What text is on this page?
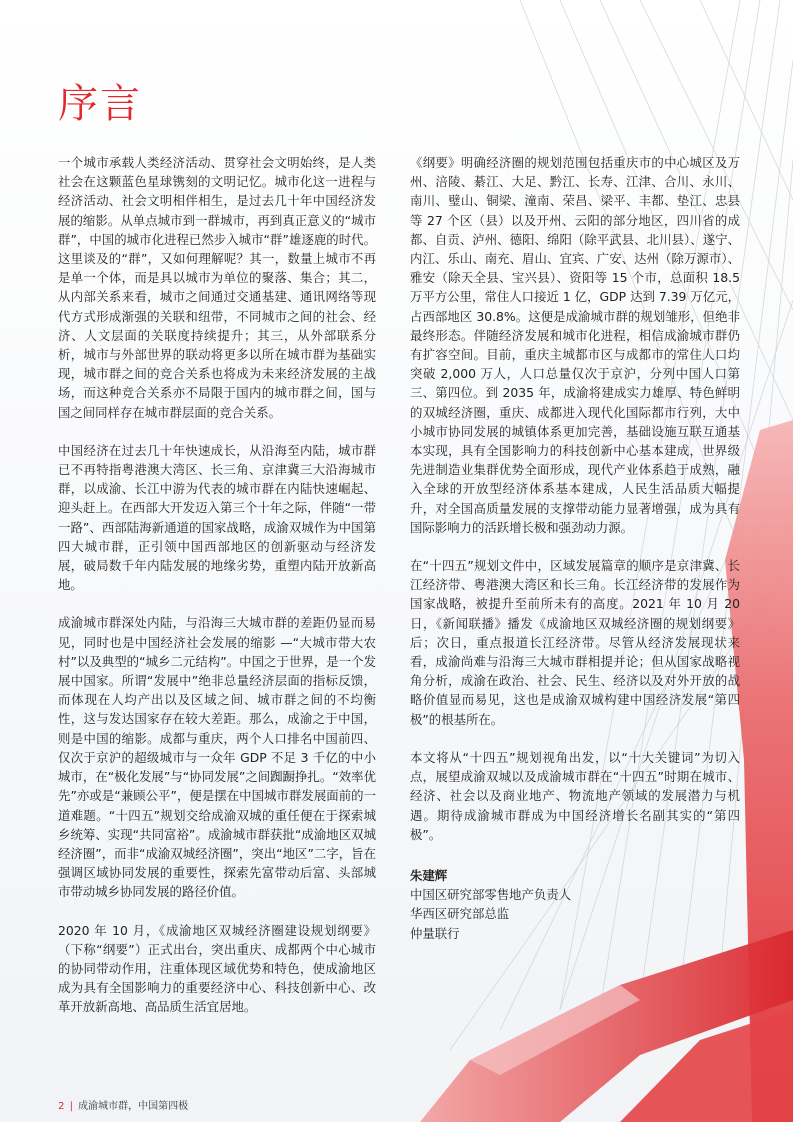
序言

一个城市承载人类经济活动、贯穿社会文明始终，是人类社会在这颗蓝色星球镌刻的文明记忆。城市化这一进程与经济活动、社会文明相伴相生，是过去几十年中国经济发展的缩影。从单点城市到一群城市，再到真正意义的“城市群”，中国的城市化进程已然步入城市“群”雄逐鹿的时代。这里谈及的“群”，又如何理解呢？其一，数量上城市不再是单一个体，而是具以城市为单位的聚落、集合；其二，从内部关系来看，城市之间通过交通基建、通讯网络等现代方式形成渐强的关联和纽带，不同城市之间的社会、经济、人文层面的关联度持续提升；其三，从外部联系分析，城市与外部世界的联动将更多以所在城市群为基础实现，城市群之间的竞合关系也将成为未来经济发展的主战场，而这种竞合关系亦不局限于国内的城市群之间，国与国之间同样存在城市群层面的竞合关系。

中国经济在过去几十年快速成长，从沿海至内陆，城市群已不再特指粤港澳大湾区、长三角、京津冀三大沿海城市群，以成渝、长江中游为代表的城市群在内陆快速崛起、迎头赶上。在西部大开发迈入第三个十年之际，伴随“一带一路”、西部陆海新通道的国家战略，成渝双城作为中国第四大城市群，正引领中国西部地区的创新驱动与经济发展，破局数千年内陆发展的地缘劣势，重塑内陆开放新高地。

成渝城市群深处内陆，与沿海三大城市群的差距仍显而易见，同时也是中国经济社会发展的缩影 —“大城市带大农村”以及典型的“城乡二元结构”。中国之于世界，是一个发展中国家。所谓“发展中”绝非总量经济层面的指标反馈，而体现在人均产出以及区域之间、城市群之间的不均衡性，这与发达国家存在较大差距。那么，成渝之于中国，则是中国的缩影。成都与重庆，两个人口排名中国前四、仅次于京沪的超级城市与一众年 GDP 不足 3 千亿的中小城市，在“极化发展”与“协同发展”之间踟蹰挣扎。“效率优先”亦或是“兼顾公平”，便是摆在中国城市群发展面前的一道难题。“十四五”规划交给成渝双城的重任便在于探索城乡统筹、实现“共同富裕”。成渝城市群获批“成渝地区双城经济圈”，而非“成渝双城经济圈”，突出“地区”二字，旨在强调区域协同发展的重要性，探索先富带动后富、头部城市带动城乡协同发展的路径价值。

2020 年 10 月，《成渝地区双城经济圈建设规划纲要》（下称“纲要”）正式出台，突出重庆、成都两个中心城市的协同带动作用，注重体现区域优势和特色，使成渝地区成为具有全国影响力的重要经济中心、科技创新中心、改革开放新高地、高品质生活宜居地。

《纲要》明确经济圈的规划范围包括重庆市的中心城区及万州、涪陵、綦江、大足、黔江、长寿、江津、合川、永川、南川、璧山、铜梁、潼南、荣昌、梁平、丰都、垫江、忠县等 27 个区（县）以及开州、云阳的部分地区，四川省的成都、自贡、泸州、德阳、绵阳（除平武县、北川县）、遂宁、内江、乐山、南充、眉山、宜宾、广安、达州（除万源市）、雅安（除天全县、宝兴县）、资阳等 15 个市，总面积 18.5 万平方公里，常住人口接近 1 亿，GDP 达到 7.39 万亿元，占西部地区 30.8%。这便是成渝城市群的规划雏形，但绝非最终形态。伴随经济发展和城市化进程，相信成渝城市群仍有扩容空间。目前，重庆主城都市区与成都市的常住人口均突破 2,000 万人，人口总量仅次于京沪，分列中国人口第三、第四位。到 2035 年，成渝将建成实力雄厚、特色鲜明的双城经济圈，重庆、成都进入现代化国际都市行列，大中小城市协同发展的城镇体系更加完善，基础设施互联互通基本实现，具有全国影响力的科技创新中心基本建成，世界级先进制造业集群优势全面形成，现代产业体系趋于成熟，融入全球的开放型经济体系基本建成，人民生活品质大幅提升，对全国高质量发展的支撑带动能力显著增强，成为具有国际影响力的活跃增长极和强劲动力源。

在“十四五”规划文件中，区域发展篇章的顺序是京津冀、长江经济带、粤港澳大湾区和长三角。长江经济带的发展作为国家战略，被提升至前所未有的高度。2021 年 10 月 20 日，《新闻联播》播发《成渝地区双城经济圈的规划纲要》后；次日，重点报道长江经济带。尽管从经济发展现状来看，成渝尚难与沿海三大城市群相提并论；但从国家战略视角分析，成渝在政治、社会、民生、经济以及对外开放的战略价值显而易见，这也是成渝双城构建中国经济发展“第四极”的根基所在。

本文将从“十四五”规划视角出发，以“十大关键词”为切入点，展望成渝双城以及成渝城市群在“十四五”时期在城市、经济、社会以及商业地产、物流地产领域的发展潜力与机遇。期待成渝城市群成为中国经济增长名副其实的“第四极”。

朱建辉
中国区研究部零售地产负责人
华西区研究部总监
仲量联行
2 | 成渝城市群，中国第四极
